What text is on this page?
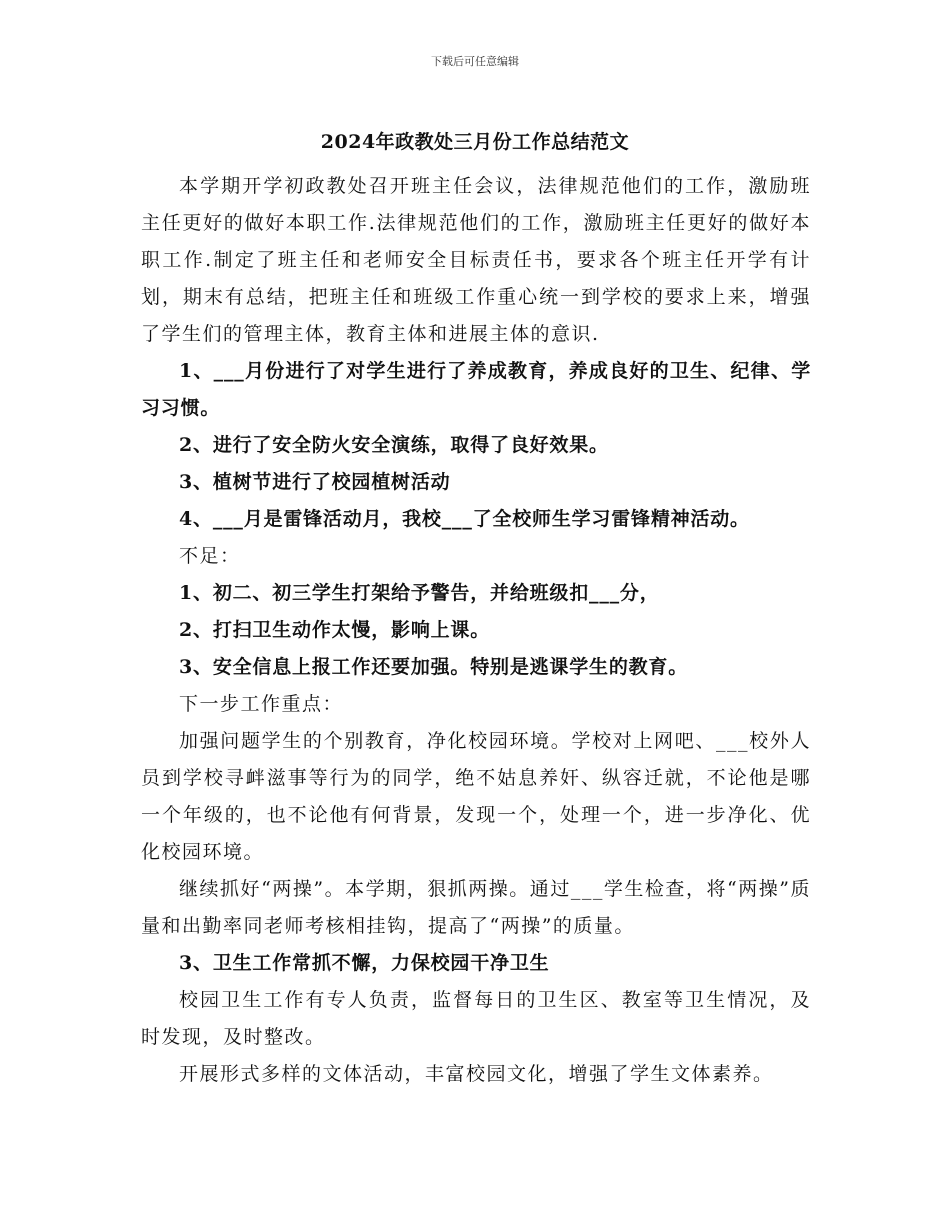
下载后可任意编辑
2024年政教处三月份工作总结范文

本学期开学初政教处召开班主任会议，法律规范他们的工作，激励班主任更好的做好本职工作.法律规范他们的工作，激励班主任更好的做好本职工作.制定了班主任和老师安全目标责任书，要求各个班主任开学有计划，期末有总结，把班主任和班级工作重心统一到学校的要求上来，增强了学生们的管理主体，教育主体和进展主体的意识.

1、___月份进行了对学生进行了养成教育，养成良好的卫生、纪律、学习习惯。

2、进行了安全防火安全演练，取得了良好效果。

3、植树节进行了校园植树活动

4、___月是雷锋活动月，我校___了全校师生学习雷锋精神活动。

不足：

1、初二、初三学生打架给予警告，并给班级扣___分，

2、打扫卫生动作太慢，影响上课。

3、安全信息上报工作还要加强。特别是逃课学生的教育。

下一步工作重点：

加强问题学生的个别教育，净化校园环境。学校对上网吧、___校外人员到学校寻衅滋事等行为的同学，绝不姑息养奸、纵容迁就，不论他是哪一个年级的，也不论他有何背景，发现一个，处理一个，进一步净化、优化校园环境。

继续抓好“两操”。本学期，狠抓两操。通过___学生检查，将“两操”质量和出勤率同老师考核相挂钩，提高了“两操”的质量。

3、卫生工作常抓不懈，力保校园干净卫生

校园卫生工作有专人负责，监督每日的卫生区、教室等卫生情况，及时发现，及时整改。

开展形式多样的文体活动，丰富校园文化，增强了学生文体素养。
